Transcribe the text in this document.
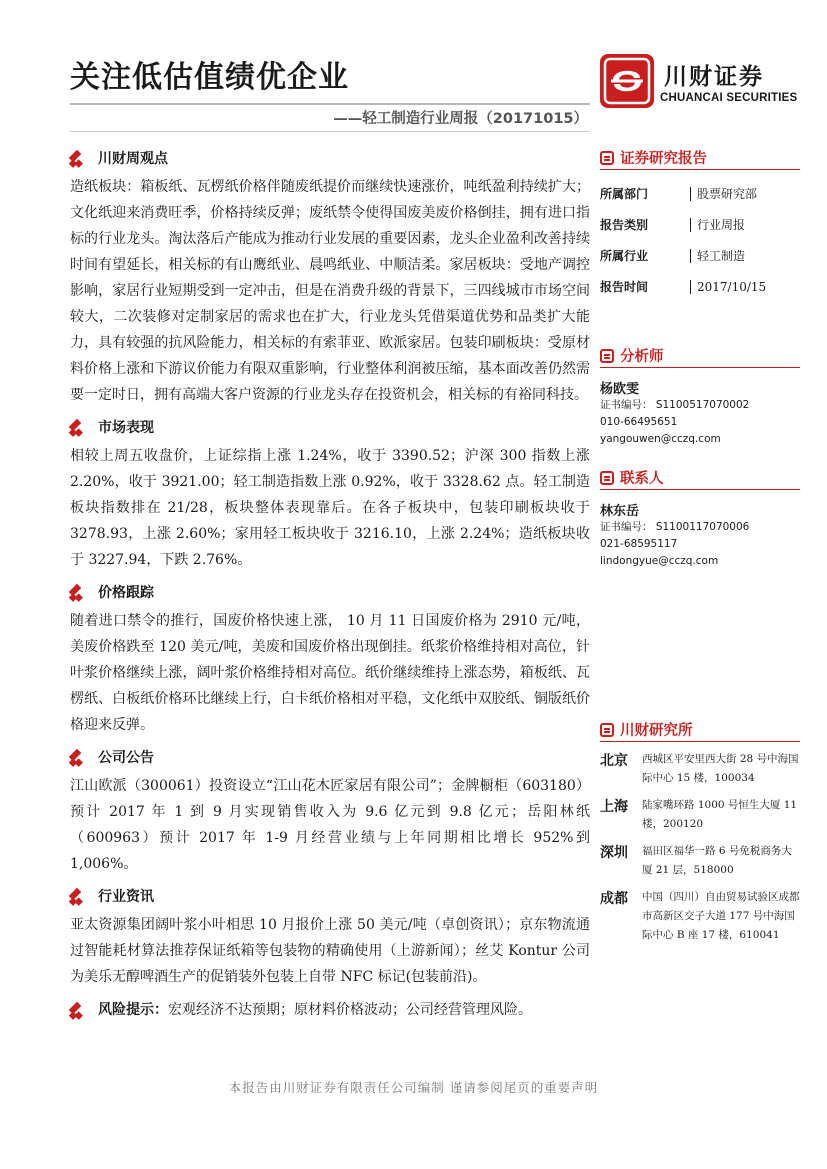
关注低估值绩优企业	川财证券
CHUANCAI SECURITIES
——轻工制造行业周报（20171015）
川财周观点

造纸板块：箱板纸、瓦楞纸价格伴随废纸提价而继续快速涨价，吨纸盈利持续扩大；文化纸迎来消费旺季，价格持续反弹；废纸禁令使得国废美废价格倒挂，拥有进口指标的行业龙头。淘汰落后产能成为推动行业发展的重要因素，龙头企业盈利改善持续时间有望延长，相关标的有山鹰纸业、晨鸣纸业、中顺洁柔。家居板块：受地产调控影响，家居行业短期受到一定冲击，但是在消费升级的背景下，三四线城市市场空间较大，二次装修对定制家居的需求也在扩大，行业龙头凭借渠道优势和品类扩大能力，具有较强的抗风险能力，相关标的有索菲亚、欧派家居。包装印刷板块：受原材料价格上涨和下游议价能力有限双重影响，行业整体利润被压缩，基本面改善仍然需要一定时日，拥有高端大客户资源的行业龙头存在投资机会，相关标的有裕同科技。

市场表现

相较上周五收盘价，上证综指上涨 1.24%，收于 3390.52；沪深 300 指数上涨 2.20%，收于 3921.00；轻工制造指数上涨 0.92%，收于 3328.62 点。轻工制造板块指数排在 21/28，板块整体表现靠后。在各子板块中，包装印刷板块收于 3278.93，上涨 2.60%；家用轻工板块收于 3216.10，上涨 2.24%；造纸板块收于 3227.94，下跌 2.76%。

价格跟踪

随着进口禁令的推行，国废价格快速上涨， 10 月 11 日国废价格为 2910 元/吨，美废价格跌至 120 美元/吨，美废和国废价格出现倒挂。纸浆价格维持相对高位，针叶浆价格继续上涨，阔叶浆价格维持相对高位。纸价继续维持上涨态势，箱板纸、瓦楞纸、白板纸价格环比继续上行，白卡纸价格相对平稳，文化纸中双胶纸、铜版纸价格迎来反弹。

公司公告

江山欧派（300061）投资设立“江山花木匠家居有限公司”；金牌橱柜（603180）预计 2017 年 1 到 9 月实现销售收入为 9.6 亿元到 9.8 亿元；岳阳林纸（600963）预计 2017 年 1-9 月经营业绩与上年同期相比增长 952%到 1,006%。

行业资讯

亚太资源集团阔叶浆小叶相思 10 月报价上涨 50 美元/吨（卓创资讯）；京东物流通过智能耗材算法推荐保证纸箱等包装物的精确使用（上游新闻）；丝艾 Kontur 公司为美乐无醇啤酒生产的促销装外包装上自带 NFC 标记(包装前沿)。

风险提示： 宏观经济不达预期；原材料价格波动；公司经营管理风险。
证券研究报告
所属部门	股票研究部
报告类别	行业周报
所属行业	轻工制造
报告时间	2017/10/15
分析师
杨欧雯
证书编号： S1100517070002
010-66495651
yangouwen@cczq.com
联系人
林东岳
证书编号： S1100117070006
021-68595117
lindongyue@cczq.com
川财研究所
北京	西城区平安里西大街 28 号中海国际中心 15 楼，100034
上海	陆家嘴环路 1000 号恒生大厦 11 楼，200120
深圳	福田区福华一路 6 号免税商务大厦 21 层，518000
成都	中国（四川）自由贸易试验区成都市高新区交子大道 177 号中海国际中心 B 座 17 楼，610041
本报告由川财证券有限责任公司编制 谨请参阅尾页的重要声明
